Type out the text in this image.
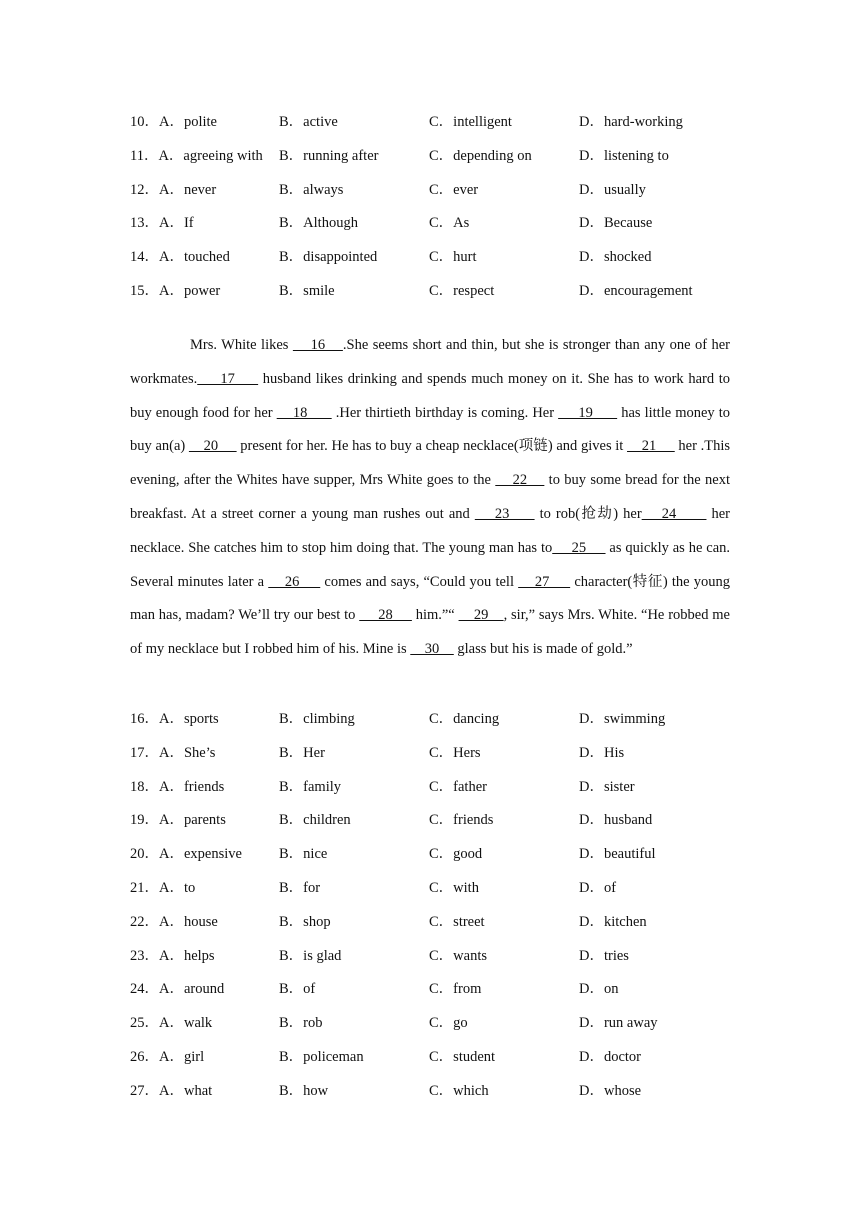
10．A．polite	B．active	C．intelligent	D．hard-working
11．A．agreeing with B．running after	C．depending on	D．listening to
12．A．never	B．always	C．ever	D．usually
13．A．If	B．Although	C．As	D．Because
14．A．touched	B．disappointed	C．hurt	D．shocked
15．A．power	B．smile	C．respect	D．encouragement

Mrs. White likes     16    .She seems short and thin, but she is stronger than any one of her workmates.     17      husband likes drinking and spends much money on it. She has to work hard to buy enough food for her     18       .Her thirtieth birthday is coming. Her      19       has little money to buy an(a)     20      present for her. He has to buy a cheap necklace(项链) and gives it     21      her .This evening, after the Whites have supper, Mrs White goes to the     22     to buy some bread for the next breakfast. At a street corner a young man rushes out and     23      to rob(抢劫) her    24       her necklace. She catches him to stop him doing that. The young man has to     25      as quickly as he can. Several minutes later a     26      comes and says, “Could you tell     27      character(特征) the young man has, madam? We’ll try our best to      28      him.”“     29    , sir,” says Mrs. White. “He robbed me of my necklace but I robbed him of his. Mine is     30     glass but his is made of gold.”

16．A．sports	B．climbing	C．dancing	D．swimming
17．A．She’s	B．Her	C．Hers	D．His
18．A．friends	B．family	C．father	D．sister
19．A．parents	B．children	C．friends	D．husband
20．A．expensive	B．nice	C．good	D．beautiful
21．A．to	B．for	C．with	D．of
22．A．house	B．shop	C．street	D．kitchen
23．A．helps	B．is glad	C．wants	D．tries
24．A．around	B．of	C．from	D．on
25．A．walk	B．rob	C．go	D．run away
26．A．girl	B．policeman	C．student	D．doctor
27．A．what	B．how	C．which	D．whose
